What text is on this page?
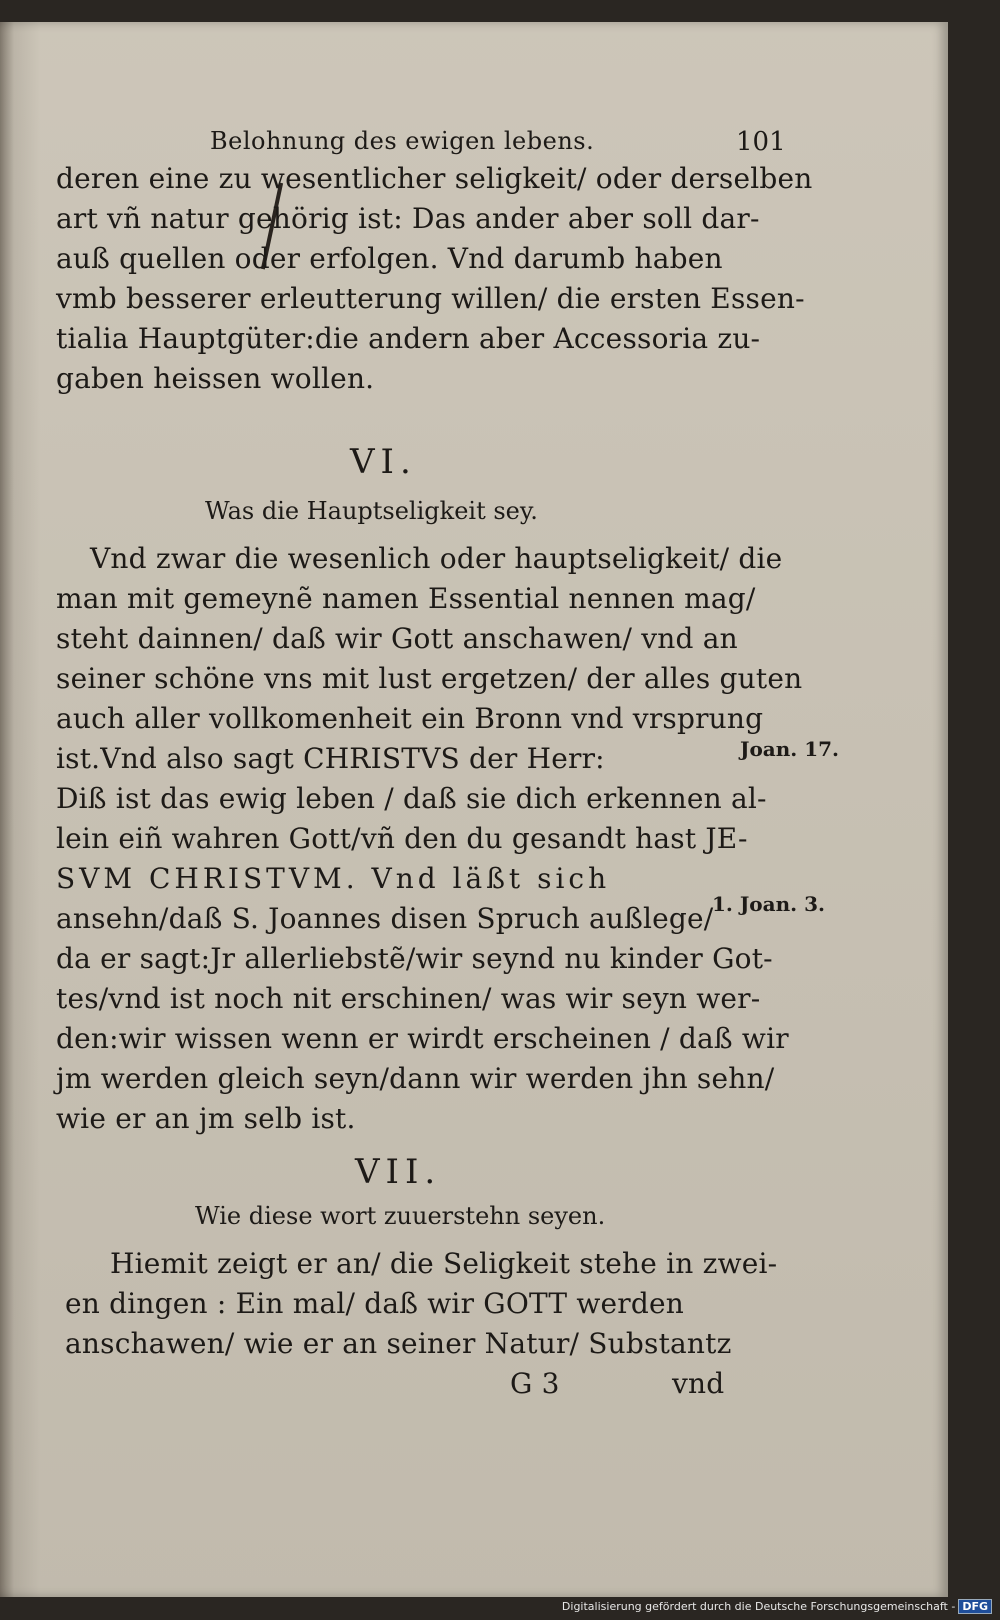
Belohnung des ewigen lebens.	101
deren eine zu wesentlicher seligkeit/ oder derselben
art vñ natur gehörig ist: Das ander aber soll dar-
auß quellen oder erfolgen. Vnd darumb haben
vmb besserer erleutterung willen/ die ersten Essen-
tialia Hauptgüter:die andern aber Accessoria zu-
gaben heissen wollen.
VI.
Was die Hauptseligkeit sey.
Vnd zwar die wesenlich oder hauptseligkeit/ die
man mit gemeynẽ namen Essential nennen mag/
steht dainnen/ daß wir Gott anschawen/ vnd an
seiner schöne vns mit lust ergetzen/ der alles guten
auch aller vollkomenheit ein Bronn vnd vrsprung
ist.Vnd also sagt CHRISTVS der Herr:
Diß ist das ewig leben / daß sie dich erkennen al-
lein eiñ wahren Gott/vñ den du gesandt hast JE-
SVM CHRISTVM. Vnd läßt sich
ansehn/daß S. Joannes disen Spruch außlege/
da er sagt:Jr allerliebstẽ/wir seynd nu kinder Got-
tes/vnd ist noch nit erschinen/ was wir seyn wer-
den:wir wissen wenn er wirdt erscheinen / daß wir
jm werden gleich seyn/dann wir werden jhn sehn/
wie er an jm selb ist.
Joan. 17.
1. Joan. 3.
VII.
Wie diese wort zuuerstehn seyen.
Hiemit zeigt er an/ die Seligkeit stehe in zwei-
en dingen : Ein mal/ daß wir GOTT werden
anschawen/ wie er an seiner Natur/ Substantz
G 3	vnd
Digitalisierung gefördert durch die Deutsche Forschungsgemeinschaft - DFG
